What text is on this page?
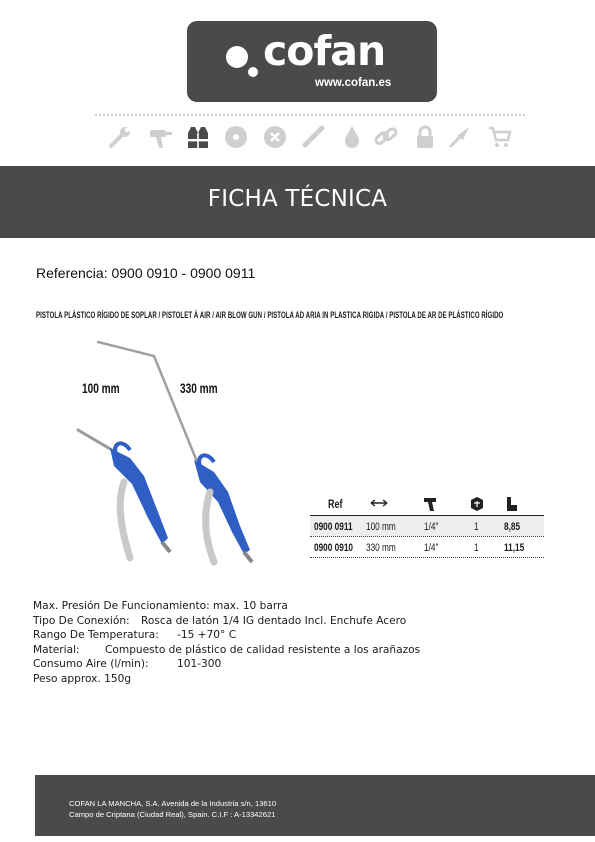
cofan
www.cofan.es
FICHA TÉCNICA
Referencia: 0900 0910 - 0900 0911
PISTOLA PLÁSTICO RÍGIDO DE SOPLAR / PISTOLET À AIR / AIR BLOW GUN / PISTOLA AD ARIA IN PLASTICA RIGIDA / PISTOLA DE AR DE PLÁSTICO RÍGIDO
100 mm	330 mm
Ref
0900 0911 100 mm	1/4"	1 8,85
0900 0910 330 mm	1/4"	1 11,15
Max. Presión De Funcionamiento: max. 10 barra
Tipo De Conexión: Rosca de latón 1/4 IG dentado Incl. Enchufe Acero
Rango De Temperatura: -15 +70° C
Material: Compuesto de plástico de calidad resistente a los arañazos
Consumo Aire (l/min):	101-300
Peso approx. 150g
COFAN LA MANCHA, S.A. Avenida de la Industria s/n, 13610
Campo de Criptana (Ciudad Real), Spain. C.I.F : A-13342621
